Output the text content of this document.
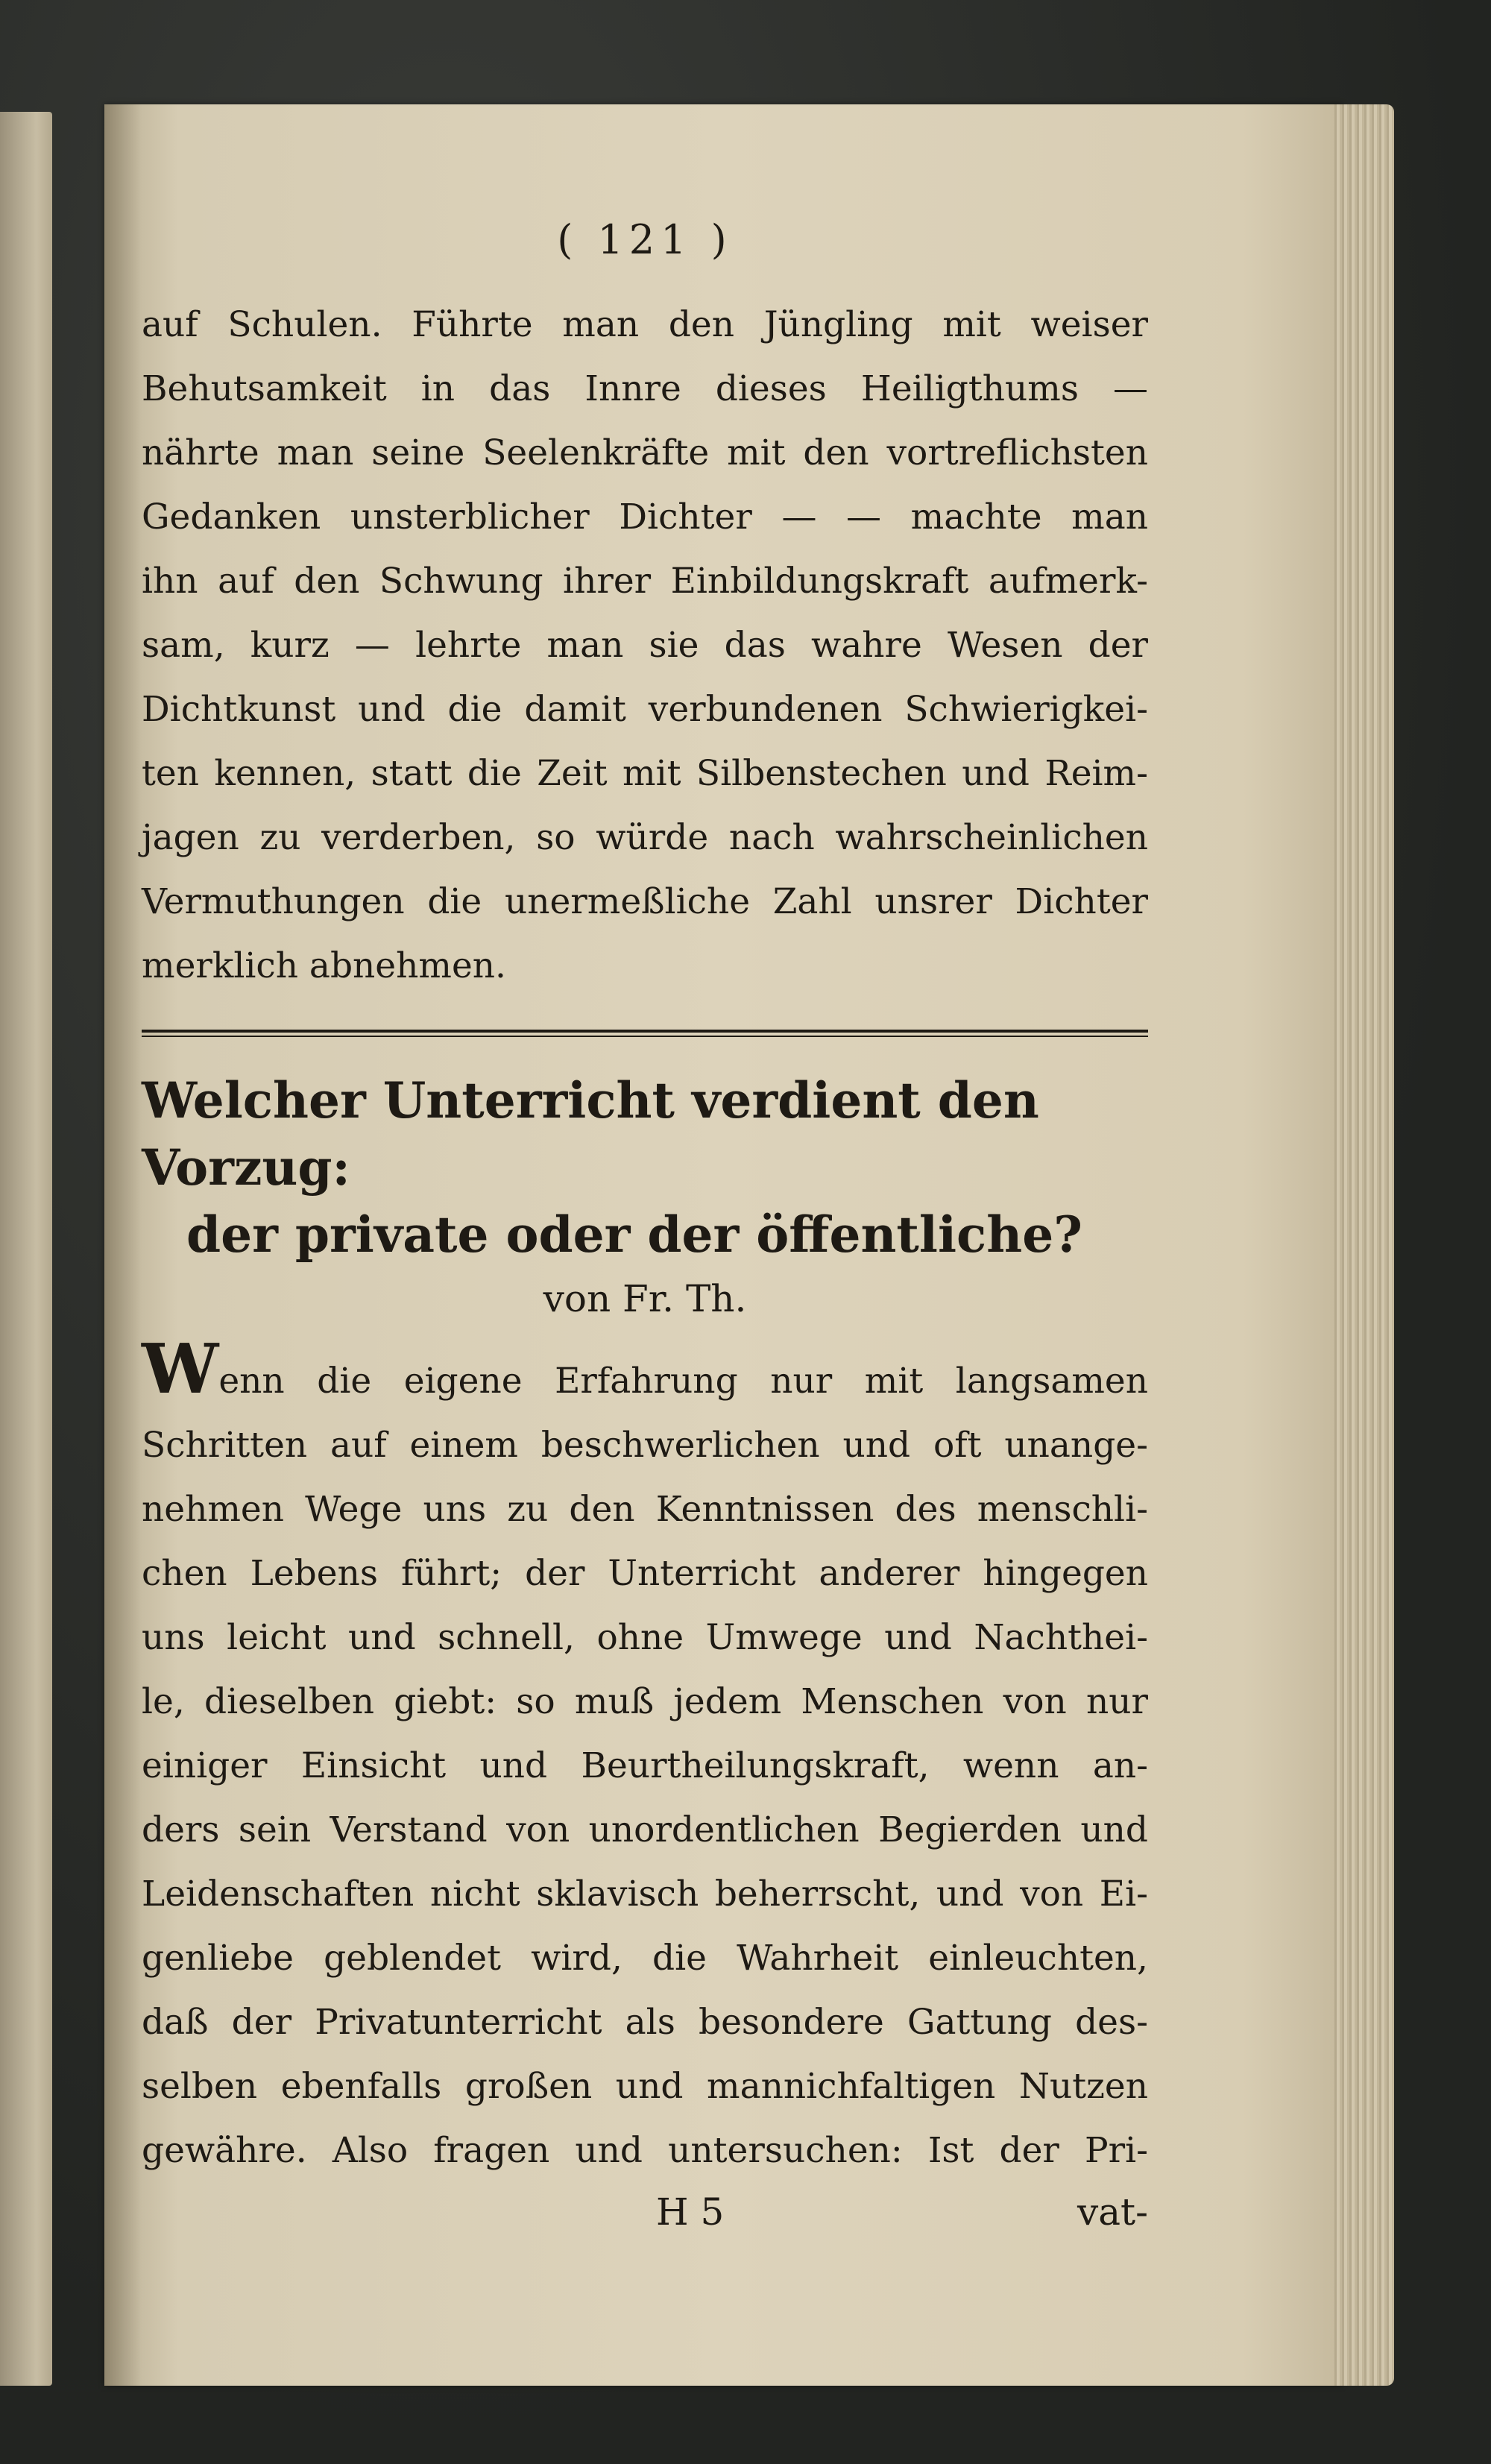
( 121 )

auf Schulen. Führte man den Jüngling mit weiser
Behutsamkeit in das Innre dieses Heiligthums —
nährte man seine Seelenkräfte mit den vortreflichsten
Gedanken unsterblicher Dichter — — machte man
ihn auf den Schwung ihrer Einbildungskraft aufmerk-
sam, kurz — lehrte man sie das wahre Wesen der
Dichtkunst und die damit verbundenen Schwierigkei-
ten kennen, statt die Zeit mit Silbenstechen und Reim-
jagen zu verderben, so würde nach wahrscheinlichen
Vermuthungen die unermeßliche Zahl unsrer Dichter
merklich abnehmen.

Welcher Unterricht verdient den Vorzug:
der private oder der öffentliche?
von Fr. Th.

Wenn die eigene Erfahrung nur mit langsamen
Schritten auf einem beschwerlichen und oft unange-
nehmen Wege uns zu den Kenntnissen des menschli-
chen Lebens führt; der Unterricht anderer hingegen
uns leicht und schnell, ohne Umwege und Nachthei-
le, dieselben giebt: so muß jedem Menschen von nur
einiger Einsicht und Beurtheilungskraft, wenn an-
ders sein Verstand von unordentlichen Begierden und
Leidenschaften nicht sklavisch beherrscht, und von Ei-
genliebe geblendet wird, die Wahrheit einleuchten,
daß der Privatunterricht als besondere Gattung des-
selben ebenfalls großen und mannichfaltigen Nutzen
gewähre. Also fragen und untersuchen: Ist der Pri-

H 5	vat-
